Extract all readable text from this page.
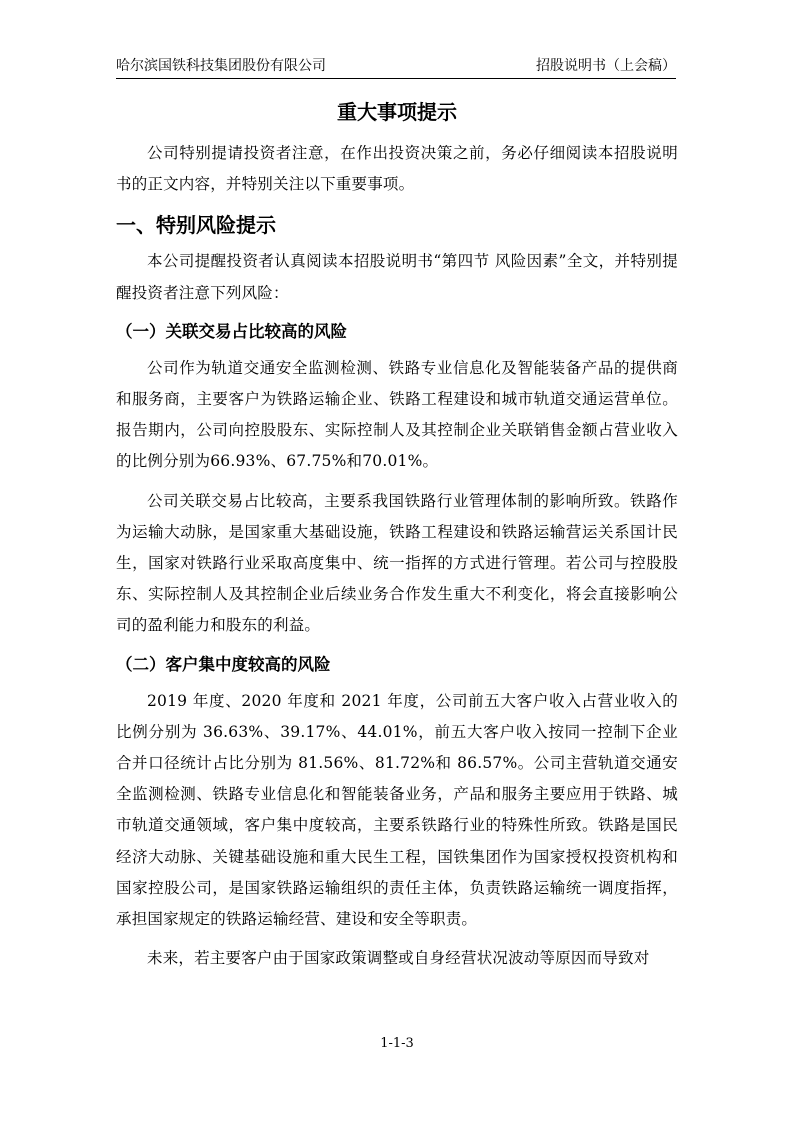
哈尔滨国铁科技集团股份有限公司	招股说明书（上会稿）
重大事项提示

公司特别提请投资者注意，在作出投资决策之前，务必仔细阅读本招股说明书的正文内容，并特别关注以下重要事项。

一、特别风险提示

本公司提醒投资者认真阅读本招股说明书“第四节 风险因素”全文，并特别提醒投资者注意下列风险：

（一）关联交易占比较高的风险

公司作为轨道交通安全监测检测、铁路专业信息化及智能装备产品的提供商和服务商，主要客户为铁路运输企业、铁路工程建设和城市轨道交通运营单位。报告期内，公司向控股股东、实际控制人及其控制企业关联销售金额占营业收入的比例分别为66.93%、67.75%和70.01%。

公司关联交易占比较高，主要系我国铁路行业管理体制的影响所致。铁路作为运输大动脉，是国家重大基础设施，铁路工程建设和铁路运输营运关系国计民生，国家对铁路行业采取高度集中、统一指挥的方式进行管理。若公司与控股股东、实际控制人及其控制企业后续业务合作发生重大不利变化，将会直接影响公司的盈利能力和股东的利益。

（二）客户集中度较高的风险

2019 年度、2020 年度和 2021 年度，公司前五大客户收入占营业收入的比例分别为 36.63%、39.17%、44.01%，前五大客户收入按同一控制下企业合并口径统计占比分别为 81.56%、81.72%和 86.57%。公司主营轨道交通安全监测检测、铁路专业信息化和智能装备业务，产品和服务主要应用于铁路、城市轨道交通领域，客户集中度较高，主要系铁路行业的特殊性所致。铁路是国民经济大动脉、关键基础设施和重大民生工程，国铁集团作为国家授权投资机构和国家控股公司，是国家铁路运输组织的责任主体，负责铁路运输统一调度指挥，承担国家规定的铁路运输经营、建设和安全等职责。

未来，若主要客户由于国家政策调整或自身经营状况波动等原因而导致对

1-1-3
